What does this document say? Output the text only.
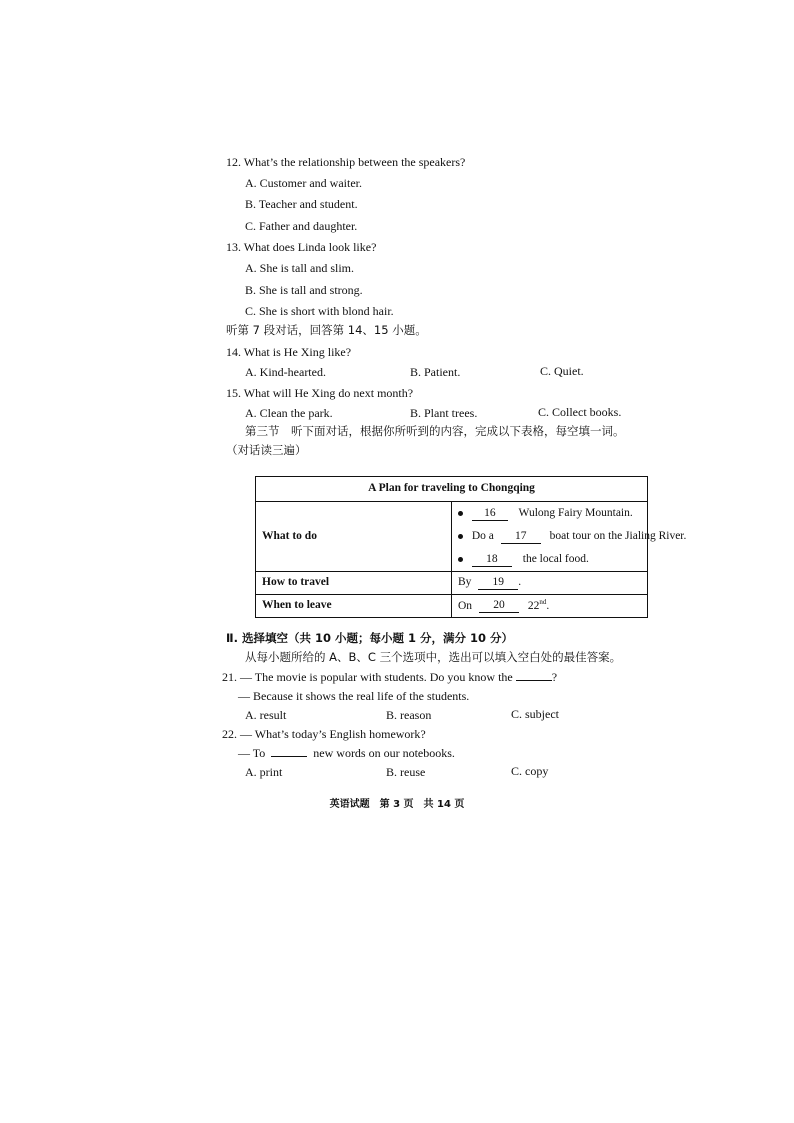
12. What’s the relationship between the speakers?
A. Customer and waiter.
B. Teacher and student.
C. Father and daughter.
13. What does Linda look like?
A. She is tall and slim.
B. She is tall and strong.
C. She is short with blond hair.
听第 7 段对话，回答第 14、15 小题。
14. What is He Xing like?
A. Kind-hearted.	B. Patient.	C. Quiet.
15. What will He Xing do next month?
A. Clean the park.	B. Plant trees.	C. Collect books.
第三节　听下面对话，根据你所听到的内容，完成以下表格，每空填一词。
（对话读三遍）
A Plan for traveling to Chongqing	
What to do	16 Wulong Fairy Mountain.
Do a 17 boat tour on the Jialing River.
18 the local food.

How to travel	By 19 .
When to leave	On 20 22nd.
Ⅱ. 选择填空（共 10 小题；每小题 1 分，满分 10 分）
从每小题所给的 A、B、C 三个选项中，选出可以填入空白处的最佳答案。
21. — The movie is popular with students. Do you know the	?
— Because it shows the real life of the students.
A. result	B. reason	C. subject
22. — What’s today’s English homework?
— To	new words on our notebooks.
A. print	B. reuse	C. copy
英语试题　第 3 页　共 14 页
